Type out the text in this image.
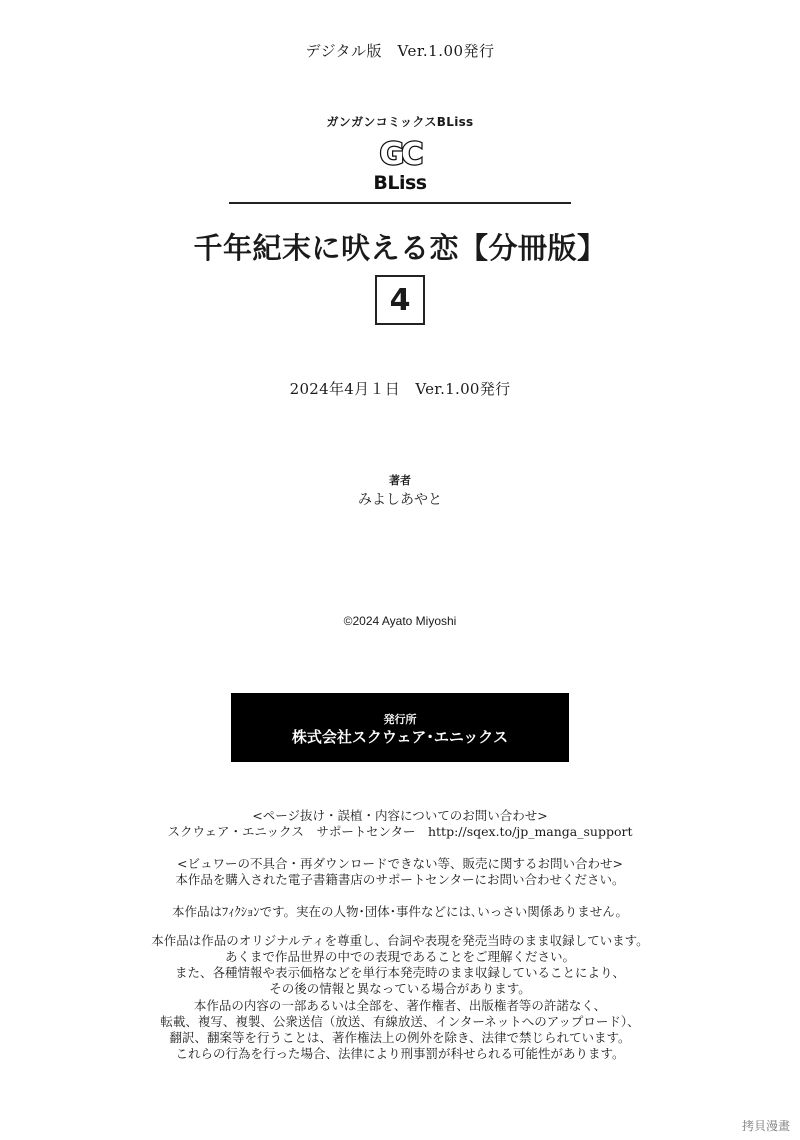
デジタル版　Ver.1.00発行
ガンガンコミックスBLiss
GC
BLiss
千年紀末に吠える恋【分冊版】
4
2024年4月１日　Ver.1.00発行
著者
みよしあやと
©2024 Ayato Miyoshi
発行所
株式会社スクウェア･エニックス
<ページ抜け・誤植・内容についてのお問い合わせ>
スクウェア・エニックス　サポートセンター　http://sqex.to/jp_manga_support
<ビュワーの不具合・再ダウンロードできない等、販売に関するお問い合わせ>
本作品を購入された電子書籍書店のサポートセンターにお問い合わせください。
本作品はﾌｨｸｼｮﾝです。実在の人物･団体･事件などには､いっさい関係ありません。
本作品は作品のオリジナルティを尊重し、台詞や表現を発売当時のまま収録しています。
あくまで作品世界の中での表現であることをご理解ください。
また、各種情報や表示価格などを単行本発売時のまま収録していることにより、
その後の情報と異なっている場合があります。
本作品の内容の一部あるいは全部を、著作権者、出版権者等の許諾なく、
転載、複写、複製、公衆送信（放送、有線放送、インターネットへのアップロード）、
翻訳、翻案等を行うことは、著作権法上の例外を除き、法律で禁じられています。
これらの行為を行った場合、法律により刑事罰が科せられる可能性があります。
拷貝漫畫
